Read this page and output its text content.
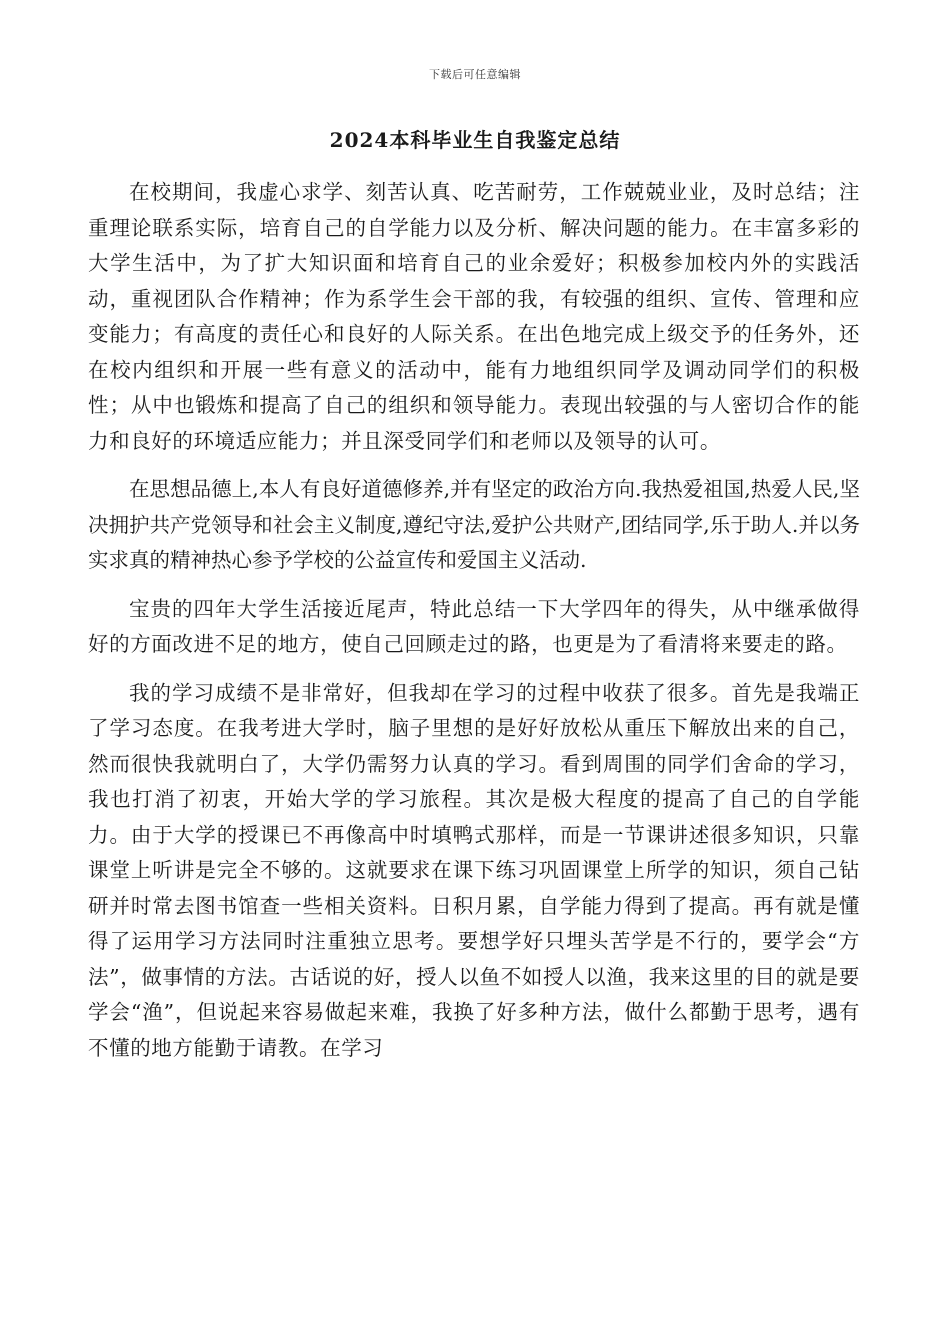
下载后可任意编辑
2024本科毕业生自我鉴定总结

在校期间，我虚心求学、刻苦认真、吃苦耐劳，工作兢兢业业，及时总结；注重理论联系实际，培育自己的自学能力以及分析、解决问题的能力。在丰富多彩的大学生活中，为了扩大知识面和培育自己的业余爱好；积极参加校内外的实践活动，重视团队合作精神；作为系学生会干部的我，有较强的组织、宣传、管理和应变能力；有高度的责任心和良好的人际关系。在出色地完成上级交予的任务外，还在校内组织和开展一些有意义的活动中，能有力地组织同学及调动同学们的积极性；从中也锻炼和提高了自己的组织和领导能力。表现出较强的与人密切合作的能力和良好的环境适应能力；并且深受同学们和老师以及领导的认可。

在思想品德上,本人有良好道德修养,并有坚定的政治方向.我热爱祖国,热爱人民,坚决拥护共产党领导和社会主义制度,遵纪守法,爱护公共财产,团结同学,乐于助人.并以务实求真的精神热心参予学校的公益宣传和爱国主义活动.

宝贵的四年大学生活接近尾声，特此总结一下大学四年的得失，从中继承做得好的方面改进不足的地方，使自己回顾走过的路，也更是为了看清将来要走的路。

我的学习成绩不是非常好，但我却在学习的过程中收获了很多。首先是我端正了学习态度。在我考进大学时，脑子里想的是好好放松从重压下解放出来的自己，然而很快我就明白了，大学仍需努力认真的学习。看到周围的同学们舍命的学习，我也打消了初衷，开始大学的学习旅程。其次是极大程度的提高了自己的自学能力。由于大学的授课已不再像高中时填鸭式那样，而是一节课讲述很多知识，只靠课堂上听讲是完全不够的。这就要求在课下练习巩固课堂上所学的知识，须自己钻研并时常去图书馆查一些相关资料。日积月累，自学能力得到了提高。再有就是懂得了运用学习方法同时注重独立思考。要想学好只埋头苦学是不行的，要学会“方法”，做事情的方法。古话说的好，授人以鱼不如授人以渔，我来这里的目的就是要学会“渔”，但说起来容易做起来难，我换了好多种方法，做什么都勤于思考，遇有不懂的地方能勤于请教。在学习
